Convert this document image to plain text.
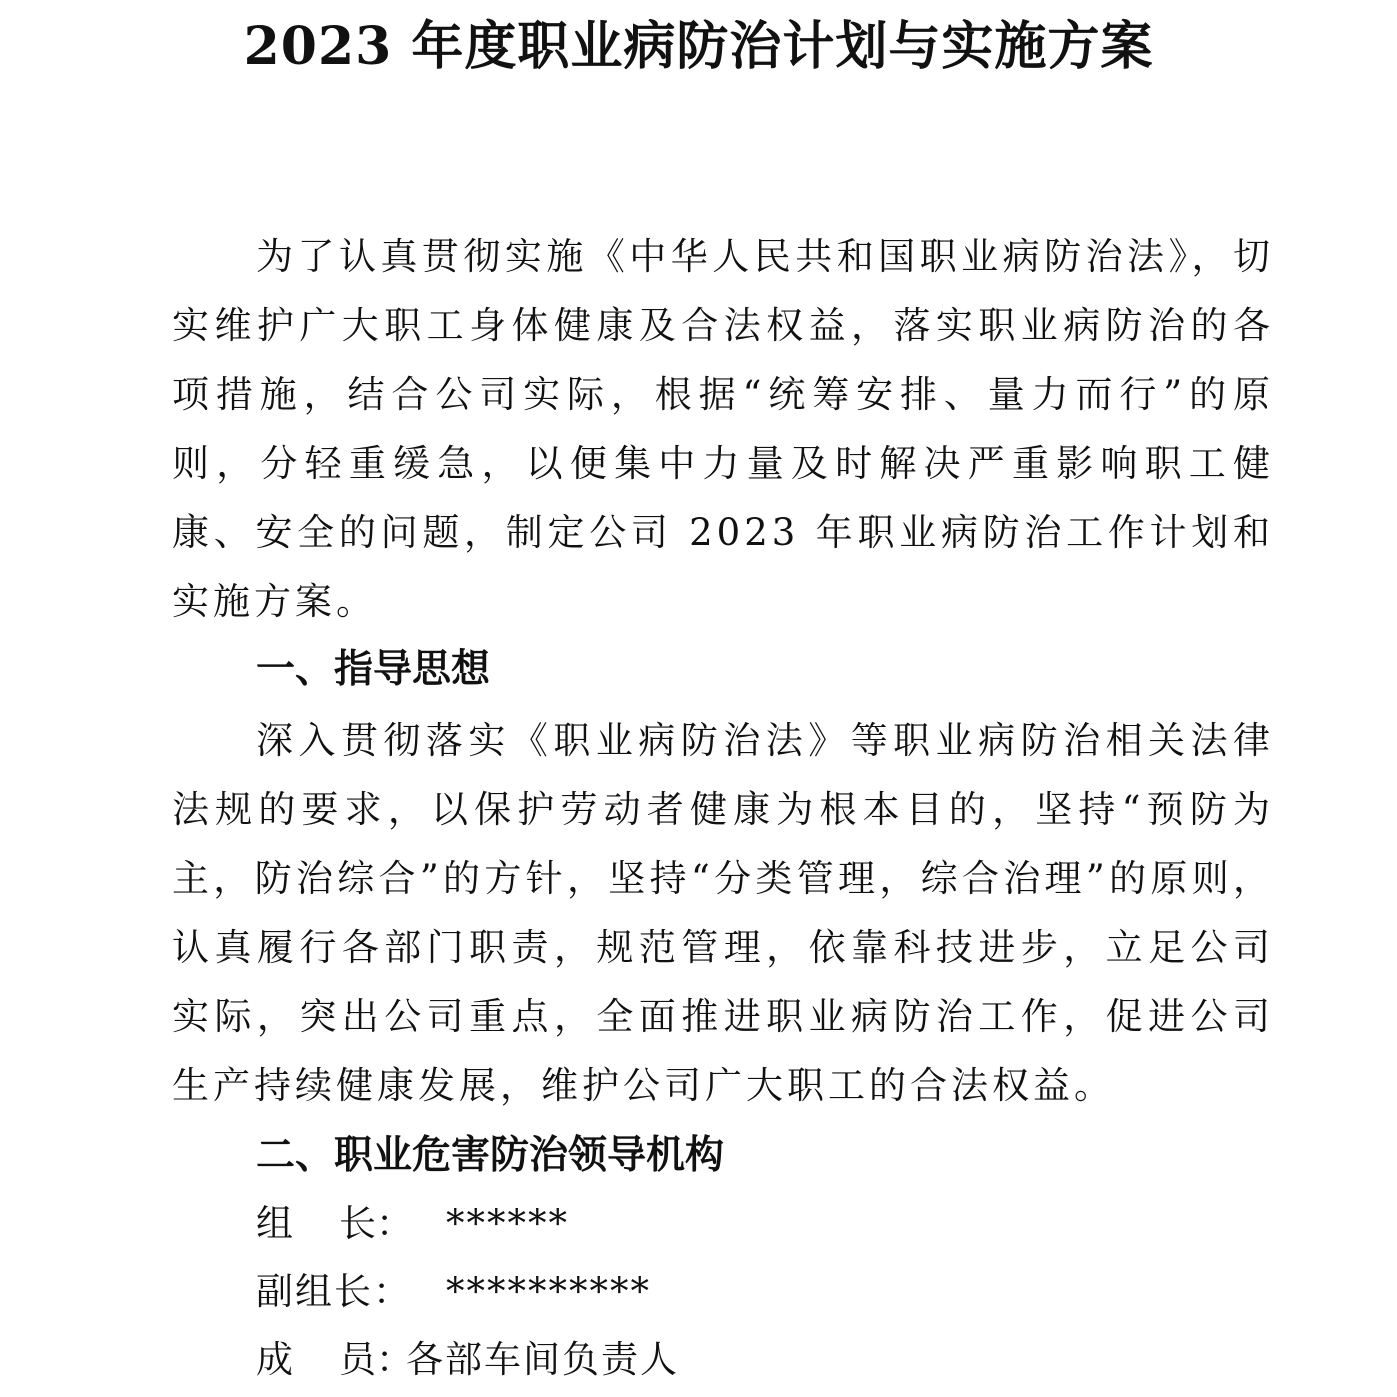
2023 年度职业病防治计划与实施方案

为了认真贯彻实施《中华人民共和国职业病防治法》，切实维护广大职工身体健康及合法权益，落实职业病防治的各项措施，结合公司实际，根据“统筹安排、量力而行”的原则，分轻重缓急，以便集中力量及时解决严重影响职工健康、安全的问题，制定公司 2023 年职业病防治工作计划和实施方案。

一、指导思想

深入贯彻落实《职业病防治法》等职业病防治相关法律法规的要求，以保护劳动者健康为根本目的，坚持“预防为主，防治综合”的方针，坚持“分类管理，综合治理”的原则，认真履行各部门职责，规范管理，依靠科技进步，立足公司实际，突出公司重点，全面推进职业病防治工作，促进公司生产持续健康发展，维护公司广大职工的合法权益。

二、职业危害防治领导机构

组 长： ******

副组长： **********

成 员：各部车间负责人
